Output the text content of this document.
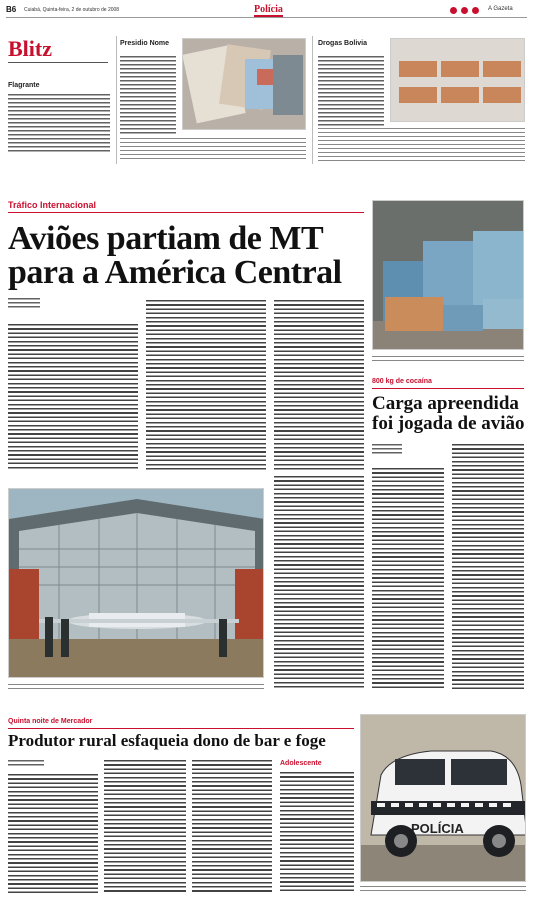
B6 Cuiabá, Quinta-feira, 2 de outubro de 2008	Polícia	A Gazeta
Blitz
Flagrante
Presidio Nome	Drogas Bolivia
Tráfico Internacional
Aviões partiam de MT
para a América Central
800 kg de cocaína
Carga apreendida
foi jogada de avião
Quinta noite de Mercador
Produtor rural esfaqueia dono de bar e foge
Adolescente
POLÍCIA
